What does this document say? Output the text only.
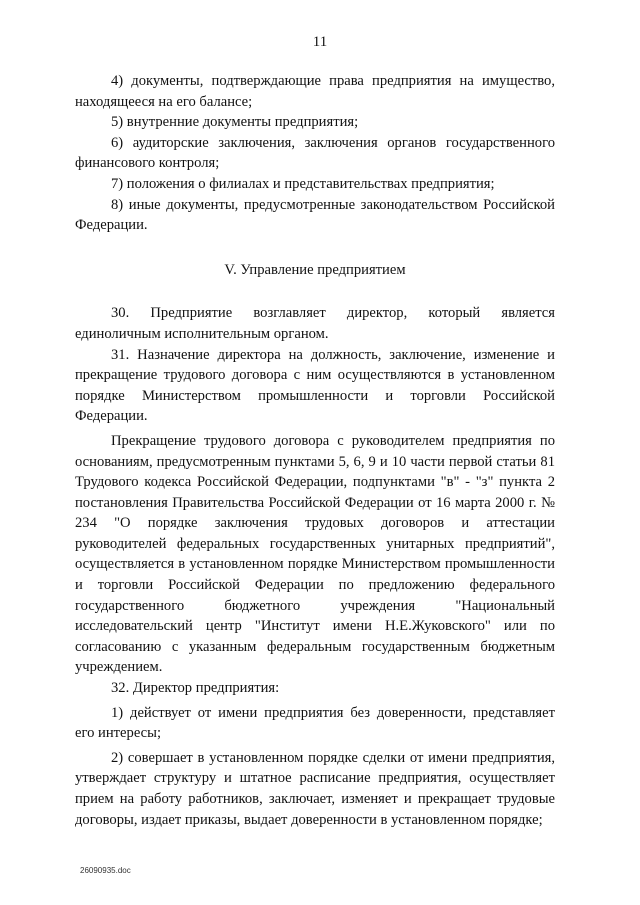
11

4) документы, подтверждающие права предприятия на имущество, находящееся на его балансе;

5) внутренние документы предприятия;

6) аудиторские заключения, заключения органов государственного финансового контроля;

7) положения о филиалах и представительствах предприятия;

8) иные документы, предусмотренные законодательством Российской Федерации.

V. Управление предприятием

30. Предприятие возглавляет директор, который является единоличным исполнительным органом.

31. Назначение директора на должность, заключение, изменение и прекращение трудового договора с ним осуществляются в установленном порядке Министерством промышленности и торговли Российской Федерации.

Прекращение трудового договора с руководителем предприятия по основаниям, предусмотренным пунктами 5, 6, 9 и 10 части первой статьи 81 Трудового кодекса Российской Федерации, подпунктами "в" - "з" пункта 2 постановления Правительства Российской Федерации от 16 марта 2000 г. № 234 "О порядке заключения трудовых договоров и аттестации руководителей федеральных государственных унитарных предприятий", осуществляется в установленном порядке Министерством промышленности и торговли Российской Федерации по предложению федерального государственного бюджетного учреждения "Национальный исследовательский центр "Институт имени Н.Е.Жуковского" или по согласованию с указанным федеральным государственным бюджетным учреждением.

32. Директор предприятия:

1) действует от имени предприятия без доверенности, представляет его интересы;

2) совершает в установленном порядке сделки от имени предприятия, утверждает структуру и штатное расписание предприятия, осуществляет прием на работу работников, заключает, изменяет и прекращает трудовые договоры, издает приказы, выдает доверенности в установленном порядке;

26090935.doc
